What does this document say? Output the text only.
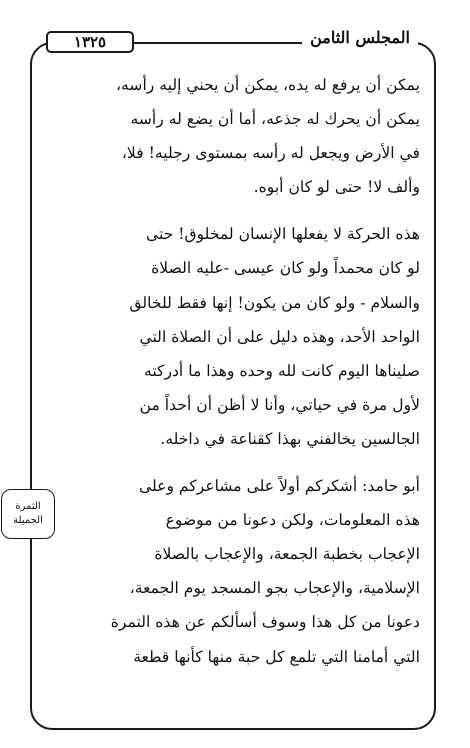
المجلس الثامن
١٣٢٥

يمكن أن يرفع له يده، يمكن أن يحني إليه رأسه،
يمكن أن يحرك له جذعه، أما أن يضع له رأسه
في الأرض ويجعل له رأسه بمستوى رجليه! فلا،
وألف لا! حتى لو كان أبوه.

هذه الحركة لا يفعلها الإنسان لمخلوق! حتى
لو كان محمداً ولو كان عيسى -عليه الصلاة
والسلام - ولو كان من يكون! إنها فقط للخالق
الواحد الأحد، وهذه دليل على أن الصلاة التي
صليناها اليوم كانت لله وحده وهذا ما أدركته
لأول مرة في حياتي، وأنا لا أظن أن أحداً من
الجالسين يخالفني بهذا كقناعة في داخله.

أبو حامد: أشكركم أولاً على مشاعركم وعلى
هذه المعلومات، ولكن دعونا من موضوع
الإعجاب بخطبة الجمعة، والإعجاب بالصلاة
الإسلامية، والإعجاب بجو المسجد يوم الجمعة،
دعونا من كل هذا وسوف أسألكم عن هذه التمرة
التي أمامنا التي تلمع كل حبة منها كأنها قطعة

الثمرة
الجميلة
